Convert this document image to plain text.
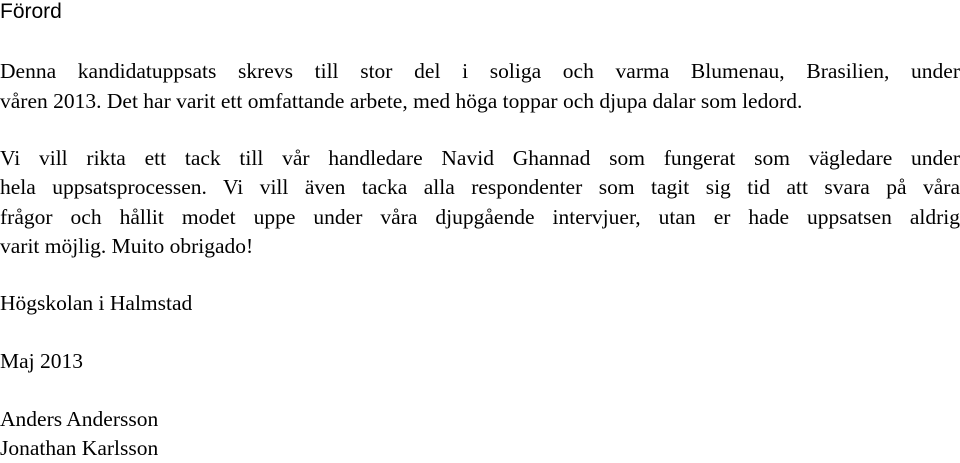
Förord
Denna kandidatuppsats skrevs till stor del i soliga och varma Blumenau, Brasilien, under
våren 2013. Det har varit ett omfattande arbete, med höga toppar och djupa dalar som ledord.
Vi vill rikta ett tack till vår handledare Navid Ghannad som fungerat som vägledare under
hela uppsatsprocessen. Vi vill även tacka alla respondenter som tagit sig tid att svara på våra
frågor och hållit modet uppe under våra djupgående intervjuer, utan er hade uppsatsen aldrig
varit möjlig. Muito obrigado!
Högskolan i Halmstad
Maj 2013
Anders Andersson
Jonathan Karlsson
